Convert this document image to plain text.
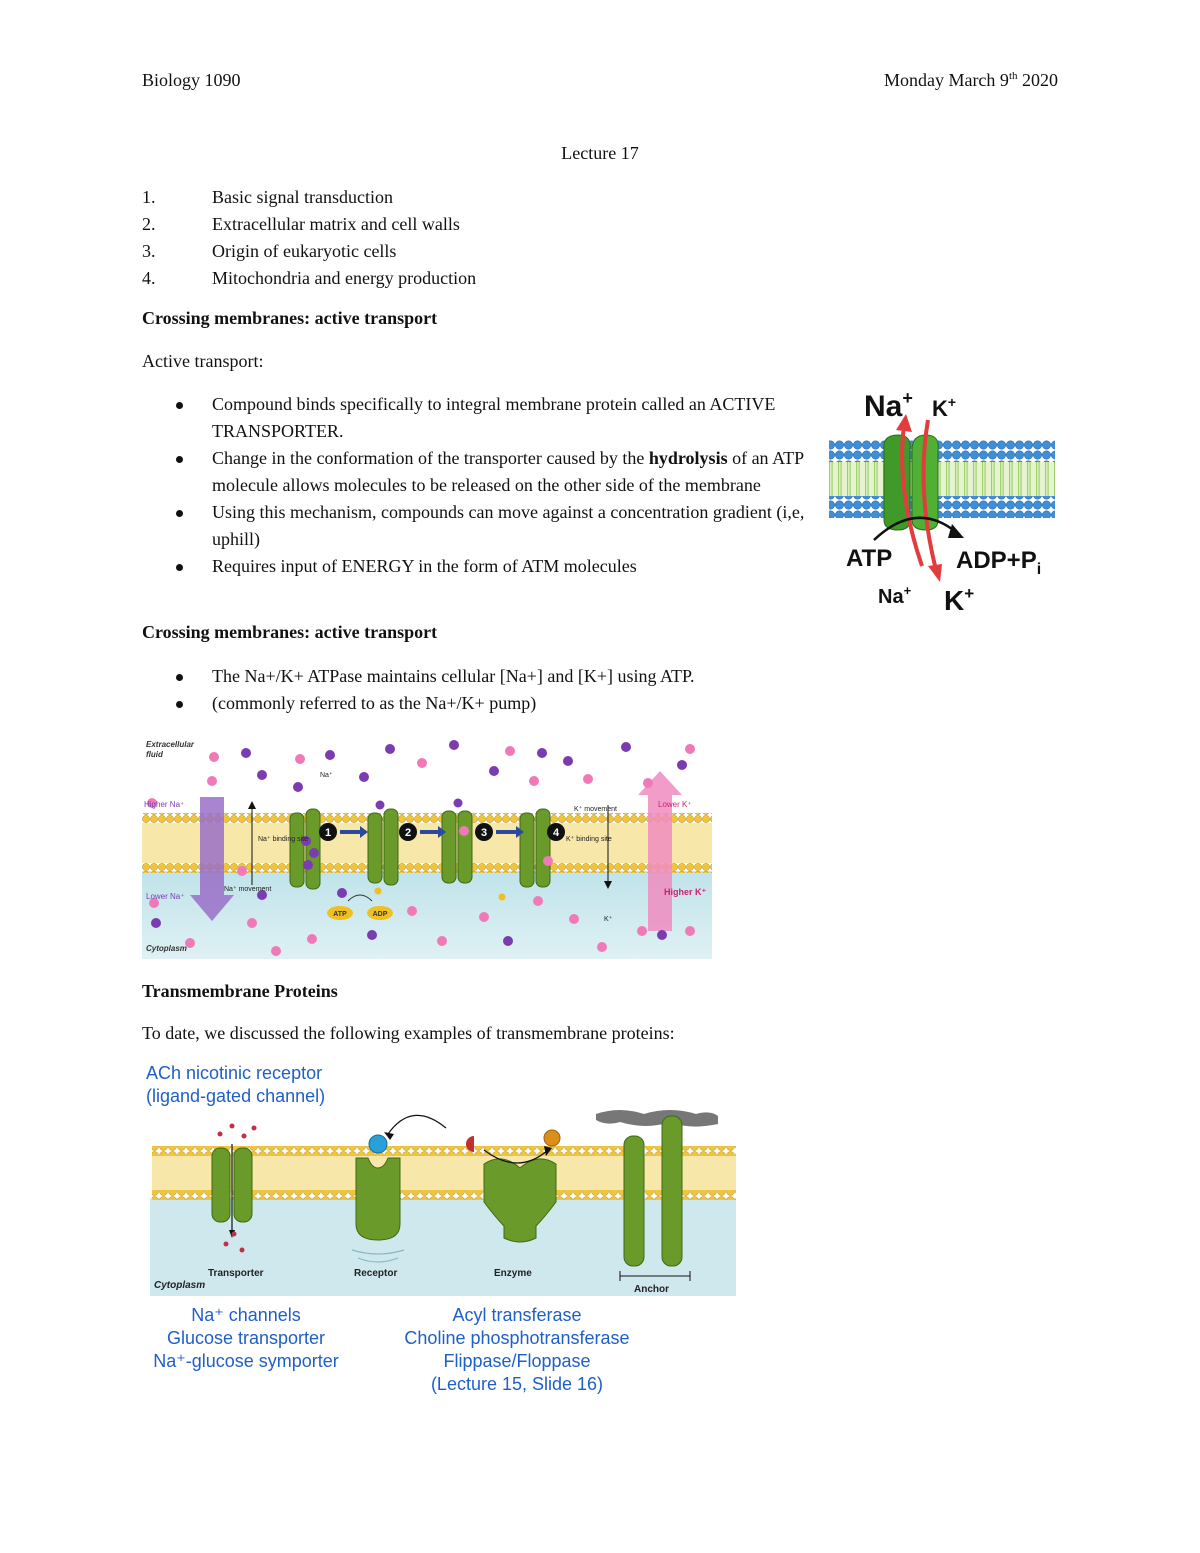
Biology 1090	Monday March 9th 2020
Lecture 17
1.	Basic signal transduction
2.	Extracellular matrix and cell walls
3.	Origin of eukaryotic cells
4.	Mitochondria and energy production
Crossing membranes: active transport
Active transport:
Compound binds specifically to integral membrane protein called an ACTIVE TRANSPORTER.
Change in the conformation of the transporter caused by the hydrolysis of an ATP molecule allows molecules to be released on the other side of the membrane
Using this mechanism, compounds can move against a concentration gradient (i,e, uphill)
Requires input of ENERGY in the form of ATM molecules
Na+ K+
ATP	$ADP+P_i$
Na+ K+
Crossing membranes: active transport
The Na+/K+ ATPase maintains cellular [Na+] and [K+] using ATP.
(commonly referred to as the Na+/K+ pump)
1	2	3	4
ATP	ADP
Extracellular
fluid
Cytoplasm
Higher Na⁺
Lower Na⁺
Lower K⁺
Higher K⁺
Na⁺ movement
K⁺ movement
Na⁺ binding site	K⁺ binding site
Na⁺
K⁺
Transmembrane Proteins
To date, we discussed the following examples of transmembrane proteins:
ACh nicotinic receptor
(ligand-gated channel)
Transporter	Receptor	Enzyme
Anchor
Cytoplasm
Na⁺ channels
Glucose transporter
Na⁺-glucose symporter
Acyl transferase
Choline phosphotransferase
Flippase/Floppase
(Lecture 15, Slide 16)
